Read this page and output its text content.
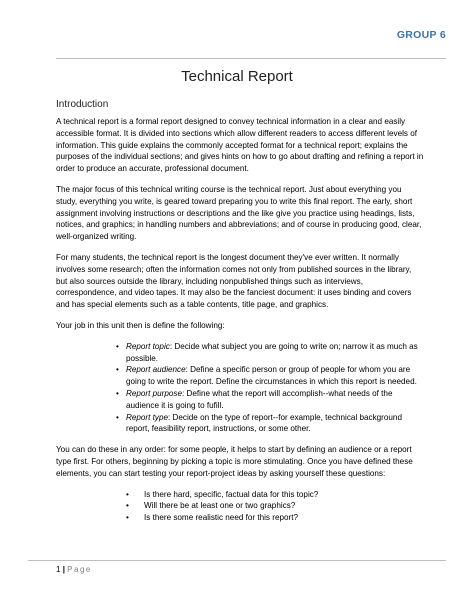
GROUP 6
Technical Report
Introduction

A technical report is a formal report designed to convey technical information in a clear and easily accessible format. It is divided into sections which allow different readers to access different levels of information. This guide explains the commonly accepted format for a technical report; explains the purposes of the individual sections; and gives hints on how to go about drafting and refining a report in order to produce an accurate, professional document.

The major focus of this technical writing course is the technical report. Just about everything you study, everything you write, is geared toward preparing you to write this final report. The early, short assignment involving instructions or descriptions and the like give you practice using headings, lists, notices, and graphics; in handling numbers and abbreviations; and of course in producing good, clear, well-organized writing.

For many students, the technical report is the longest document they've ever written. It normally involves some research; often the information comes not only from published sources in the library, but also sources outside the library, including nonpublished things such as interviews, correspondence, and video tapes. It may also be the fanciest document: it uses binding and covers and has special elements such as a table contents, title page, and graphics.

Your job in this unit then is define the following:

• Report topic: Decide what subject you are going to write on; narrow it as much as possible.
• Report audience: Define a specific person or group of people for whom you are going to write the report. Define the circumstances in which this report is needed.
• Report purpose: Define what the report will accomplish--what needs of the audience it is going to fufill.
• Report type: Decide on the type of report--for example, technical background report, feasibility report, instructions, or some other.

You can do these in any order: for some people, it helps to start by defining an audience or a report type first. For others, beginning by picking a topic is more stimulating. Once you have defined these elements, you can start testing your report-project ideas by asking yourself these questions:

• Is there hard, specific, factual data for this topic?
• Will there be at least one or two graphics?
• Is there some realistic need for this report?
1 | Page
